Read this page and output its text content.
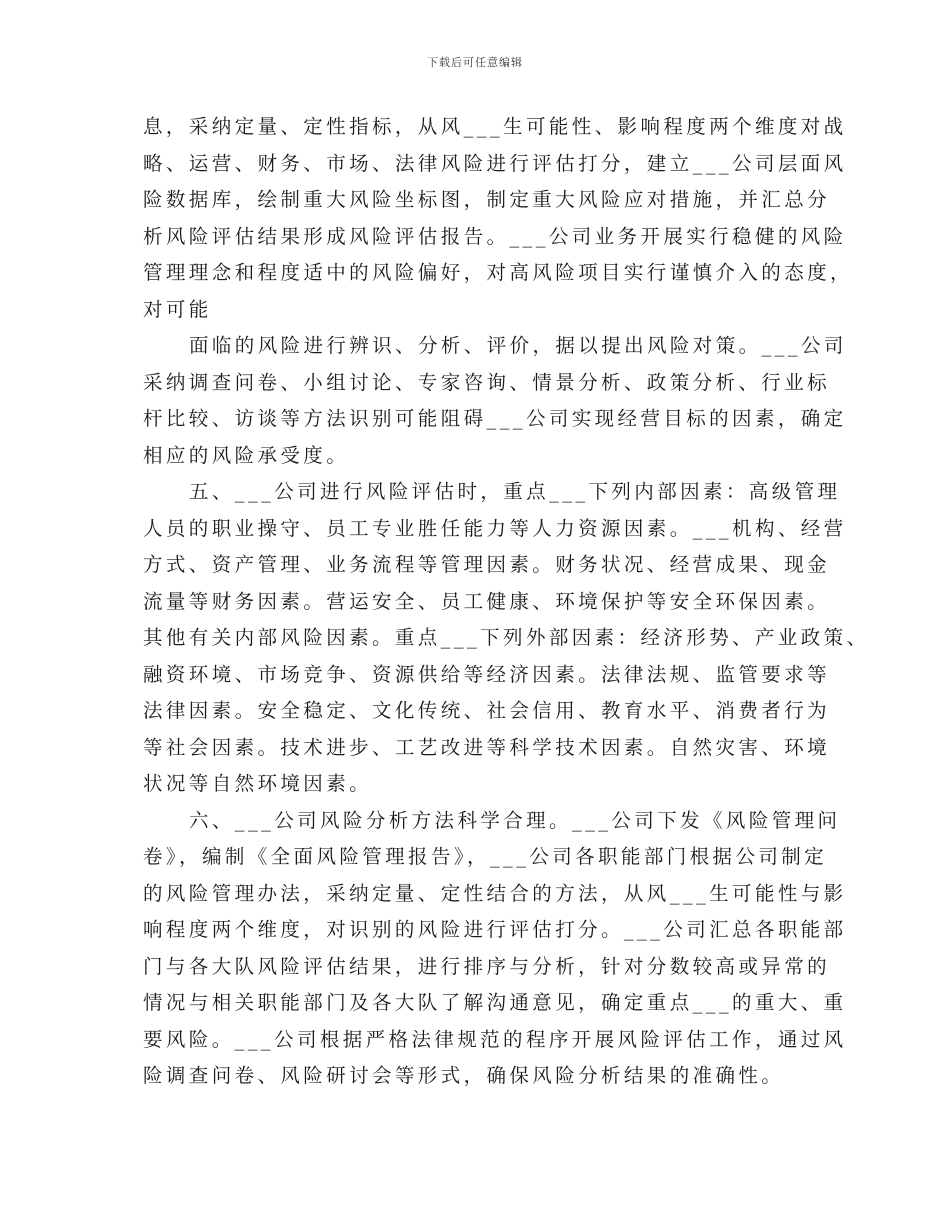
下载后可任意编辑
息，采纳定量、定性指标，从风___生可能性、影响程度两个维度对战
略、运营、财务、市场、法律风险进行评估打分，建立___公司层面风
险数据库，绘制重大风险坐标图，制定重大风险应对措施，并汇总分
析风险评估结果形成风险评估报告。___公司业务开展实行稳健的风险
管理理念和程度适中的风险偏好，对高风险项目实行谨慎介入的态度，
对可能
面临的风险进行辨识、分析、评价，据以提出风险对策。___公司
采纳调查问卷、小组讨论、专家咨询、情景分析、政策分析、行业标
杆比较、访谈等方法识别可能阻碍___公司实现经营目标的因素，确定
相应的风险承受度。
五、___公司进行风险评估时，重点___下列内部因素：高级管理
人员的职业操守、员工专业胜任能力等人力资源因素。___机构、经营
方式、资产管理、业务流程等管理因素。财务状况、经营成果、现金
流量等财务因素。营运安全、员工健康、环境保护等安全环保因素。
其他有关内部风险因素。重点___下列外部因素：经济形势、产业政策、
融资环境、市场竞争、资源供给等经济因素。法律法规、监管要求等
法律因素。安全稳定、文化传统、社会信用、教育水平、消费者行为
等社会因素。技术进步、工艺改进等科学技术因素。自然灾害、环境
状况等自然环境因素。
六、___公司风险分析方法科学合理。___公司下发《风险管理问
卷》，编制《全面风险管理报告》，___公司各职能部门根据公司制定
的风险管理办法，采纳定量、定性结合的方法，从风___生可能性与影
响程度两个维度，对识别的风险进行评估打分。___公司汇总各职能部
门与各大队风险评估结果，进行排序与分析，针对分数较高或异常的
情况与相关职能部门及各大队了解沟通意见，确定重点___的重大、重
要风险。___公司根据严格法律规范的程序开展风险评估工作，通过风
险调查问卷、风险研讨会等形式，确保风险分析结果的准确性。
